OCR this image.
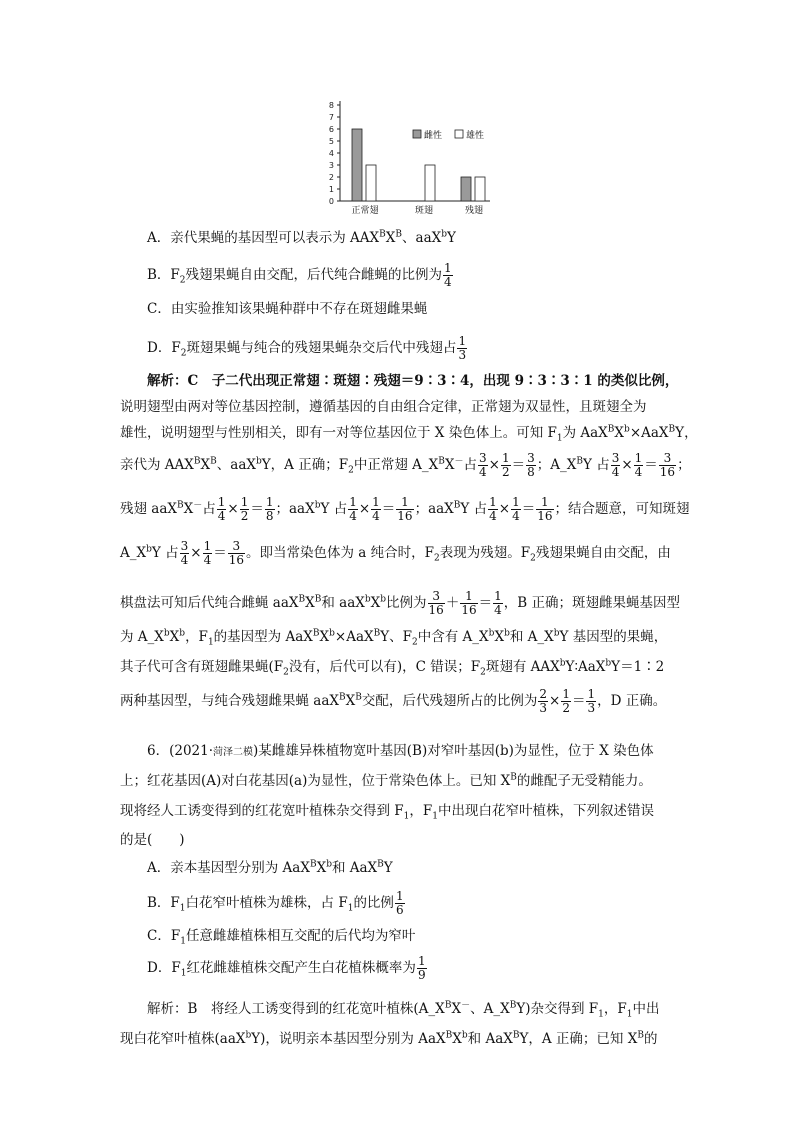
0
1
2
3
4
5
6
7
8
正常翅	斑翅	残翅
雌性	雄性
A．亲代果蝇的基因型可以表示为 $AAX^BX^B$、aaX$^b$Y
B．$F_2$残翅果蝇自由交配，后代纯合雌蝇的比例为 $\frac{1}{4}$
C．由实验推知该果蝇种群中不存在斑翅雌果蝇
D．$F_2$斑翅果蝇与纯合的残翅果蝇杂交后代中残翅占 $\frac{1}{3}$
解析：C　子二代出现正常翅∶斑翅∶残翅＝9∶3∶4，出现 9∶3∶3∶1 的类似比例，
说明翅型由两对等位基因控制，遵循基因的自由组合定律，正常翅为双显性，且斑翅全为
雄性，说明翅型与性别相关，即有一对等位基因位于 X 染色体上。可知 $F_1$为 $AaX^BX^b\times AaX^BY$，
亲代为 $AAX^BX^B$、aaX$^b$Y，A 正确；$F_2$中正常翅 $A\_X^BX^-$占 $\frac{3}{4} \times \frac{1}{2} = \frac{3}{8}$ ；$A\_X^BY$ 占 $\frac{3}{4} \times \frac{1}{4} = \frac{3}{16}$ ；
残翅 aaX$^B$X－占 $\frac{1}{4} \times \frac{1}{2} = \frac{1}{8}$ ；aaX$^b$Y 占 $\frac{1}{4} \times \frac{1}{4} = \frac{1}{16}$ ；aaX$^B$Y 占 $\frac{1}{4} \times \frac{1}{4} = \frac{1}{16}$ ；结合题意，可知斑翅
$A\_X^bY$ 占 $\frac{3}{4} \times \frac{1}{4} = \frac{3}{16}$ 。即当常染色体为 a 纯合时，$F_2$表现为残翅。$F_2$残翅果蝇自由交配，由
棋盘法可知后代纯合雌蝇 $aaX^BX^B$和 $aaX^bX^b$比例为 $\frac{3}{16} + \frac{1}{16} = \frac{1}{4}$ ，B 正确；斑翅雌果蝇基因型
为 $A\_X^bX^b$，$F_1$的基因型为 $AaX^BX^b\times AaX^BY$、$F_2$中含有 $A\_X^bX^b$和 $A\_X^bY$ 基因型的果蝇，
其子代可含有斑翅雌果蝇($F_2$没有，后代可以有)，C 错误；$F_2$斑翅有 $AAX^bY∶AaX^bY=1∶2$
两种基因型，与纯合残翅雌果蝇 $aaX^BX^B$交配，后代残翅所占的比例为 $\frac{2}{3} \times \frac{1}{2} = \frac{1}{3}$ ，D 正确。
6．(2021·菏泽二模)某雌雄异株植物宽叶基因(B)对窄叶基因(b)为显性，位于 X 染色体
上；红花基因(A)对白花基因(a)为显性，位于常染色体上。已知 $X^B$的雌配子无受精能力。
现将经人工诱变得到的红花宽叶植株杂交得到 $F_1$，$F_1$中出现白花窄叶植株，下列叙述错误
的是(　　)
A．亲本基因型分别为 $AaX^BX^b$和 AaX$^B$Y
B．$F_1$白花窄叶植株为雄株，占 $F_1$的比例 $\frac{1}{6}$
C．$F_1$任意雌雄植株相互交配的后代均为窄叶
D．$F_1$红花雌雄植株交配产生白花植株概率为 $\frac{1}{9}$
解析：B　将经人工诱变得到的红花宽叶植株($A\_X^BX^-$、$A\_X^BY$)杂交得到 $F_1$，$F_1$中出
现白花窄叶植株(aaX$^b$Y)，说明亲本基因型分别为 $AaX^BX^b$和 AaX$^B$Y，A 正确；已知 $X^B$的
